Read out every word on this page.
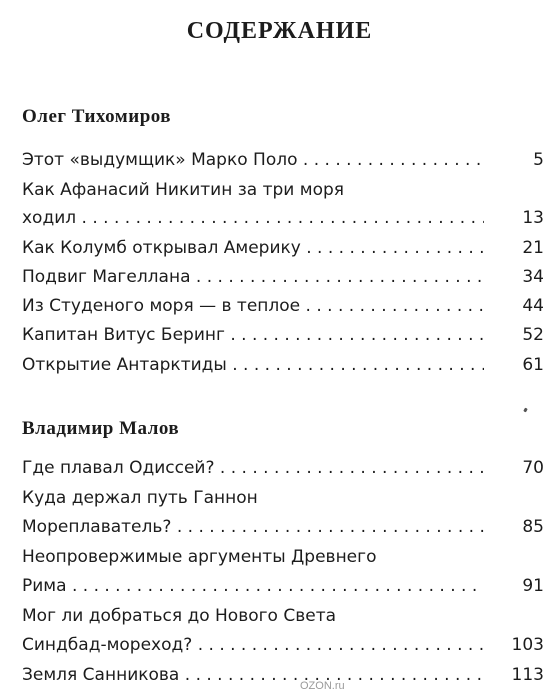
СОДЕРЖАНИЕ
Олег Тихомиров
Этот «выдумщик» Марко Поло . . .	5
Как Афанасий Никитин за три моря
ходил . . .	13
Как Колумб открывал Америку . . .	21
Подвиг Магеллана . . .	34
Из Студеного моря — в теплое . . .	44
Капитан Витус Беринг . . .	52
Открытие Антарктиды . . .	61
Владимир Малов
Где плавал Одиссей? . . .	70
Куда держал путь Ганнон
Мореплаватель? . . .	85
Неопровержимые аргументы Древнего
Рима . . .	91
Мог ли добраться до Нового Света
Синдбад-мореход? . . .	103
Земля Санникова . . .	113
OZON.ru
